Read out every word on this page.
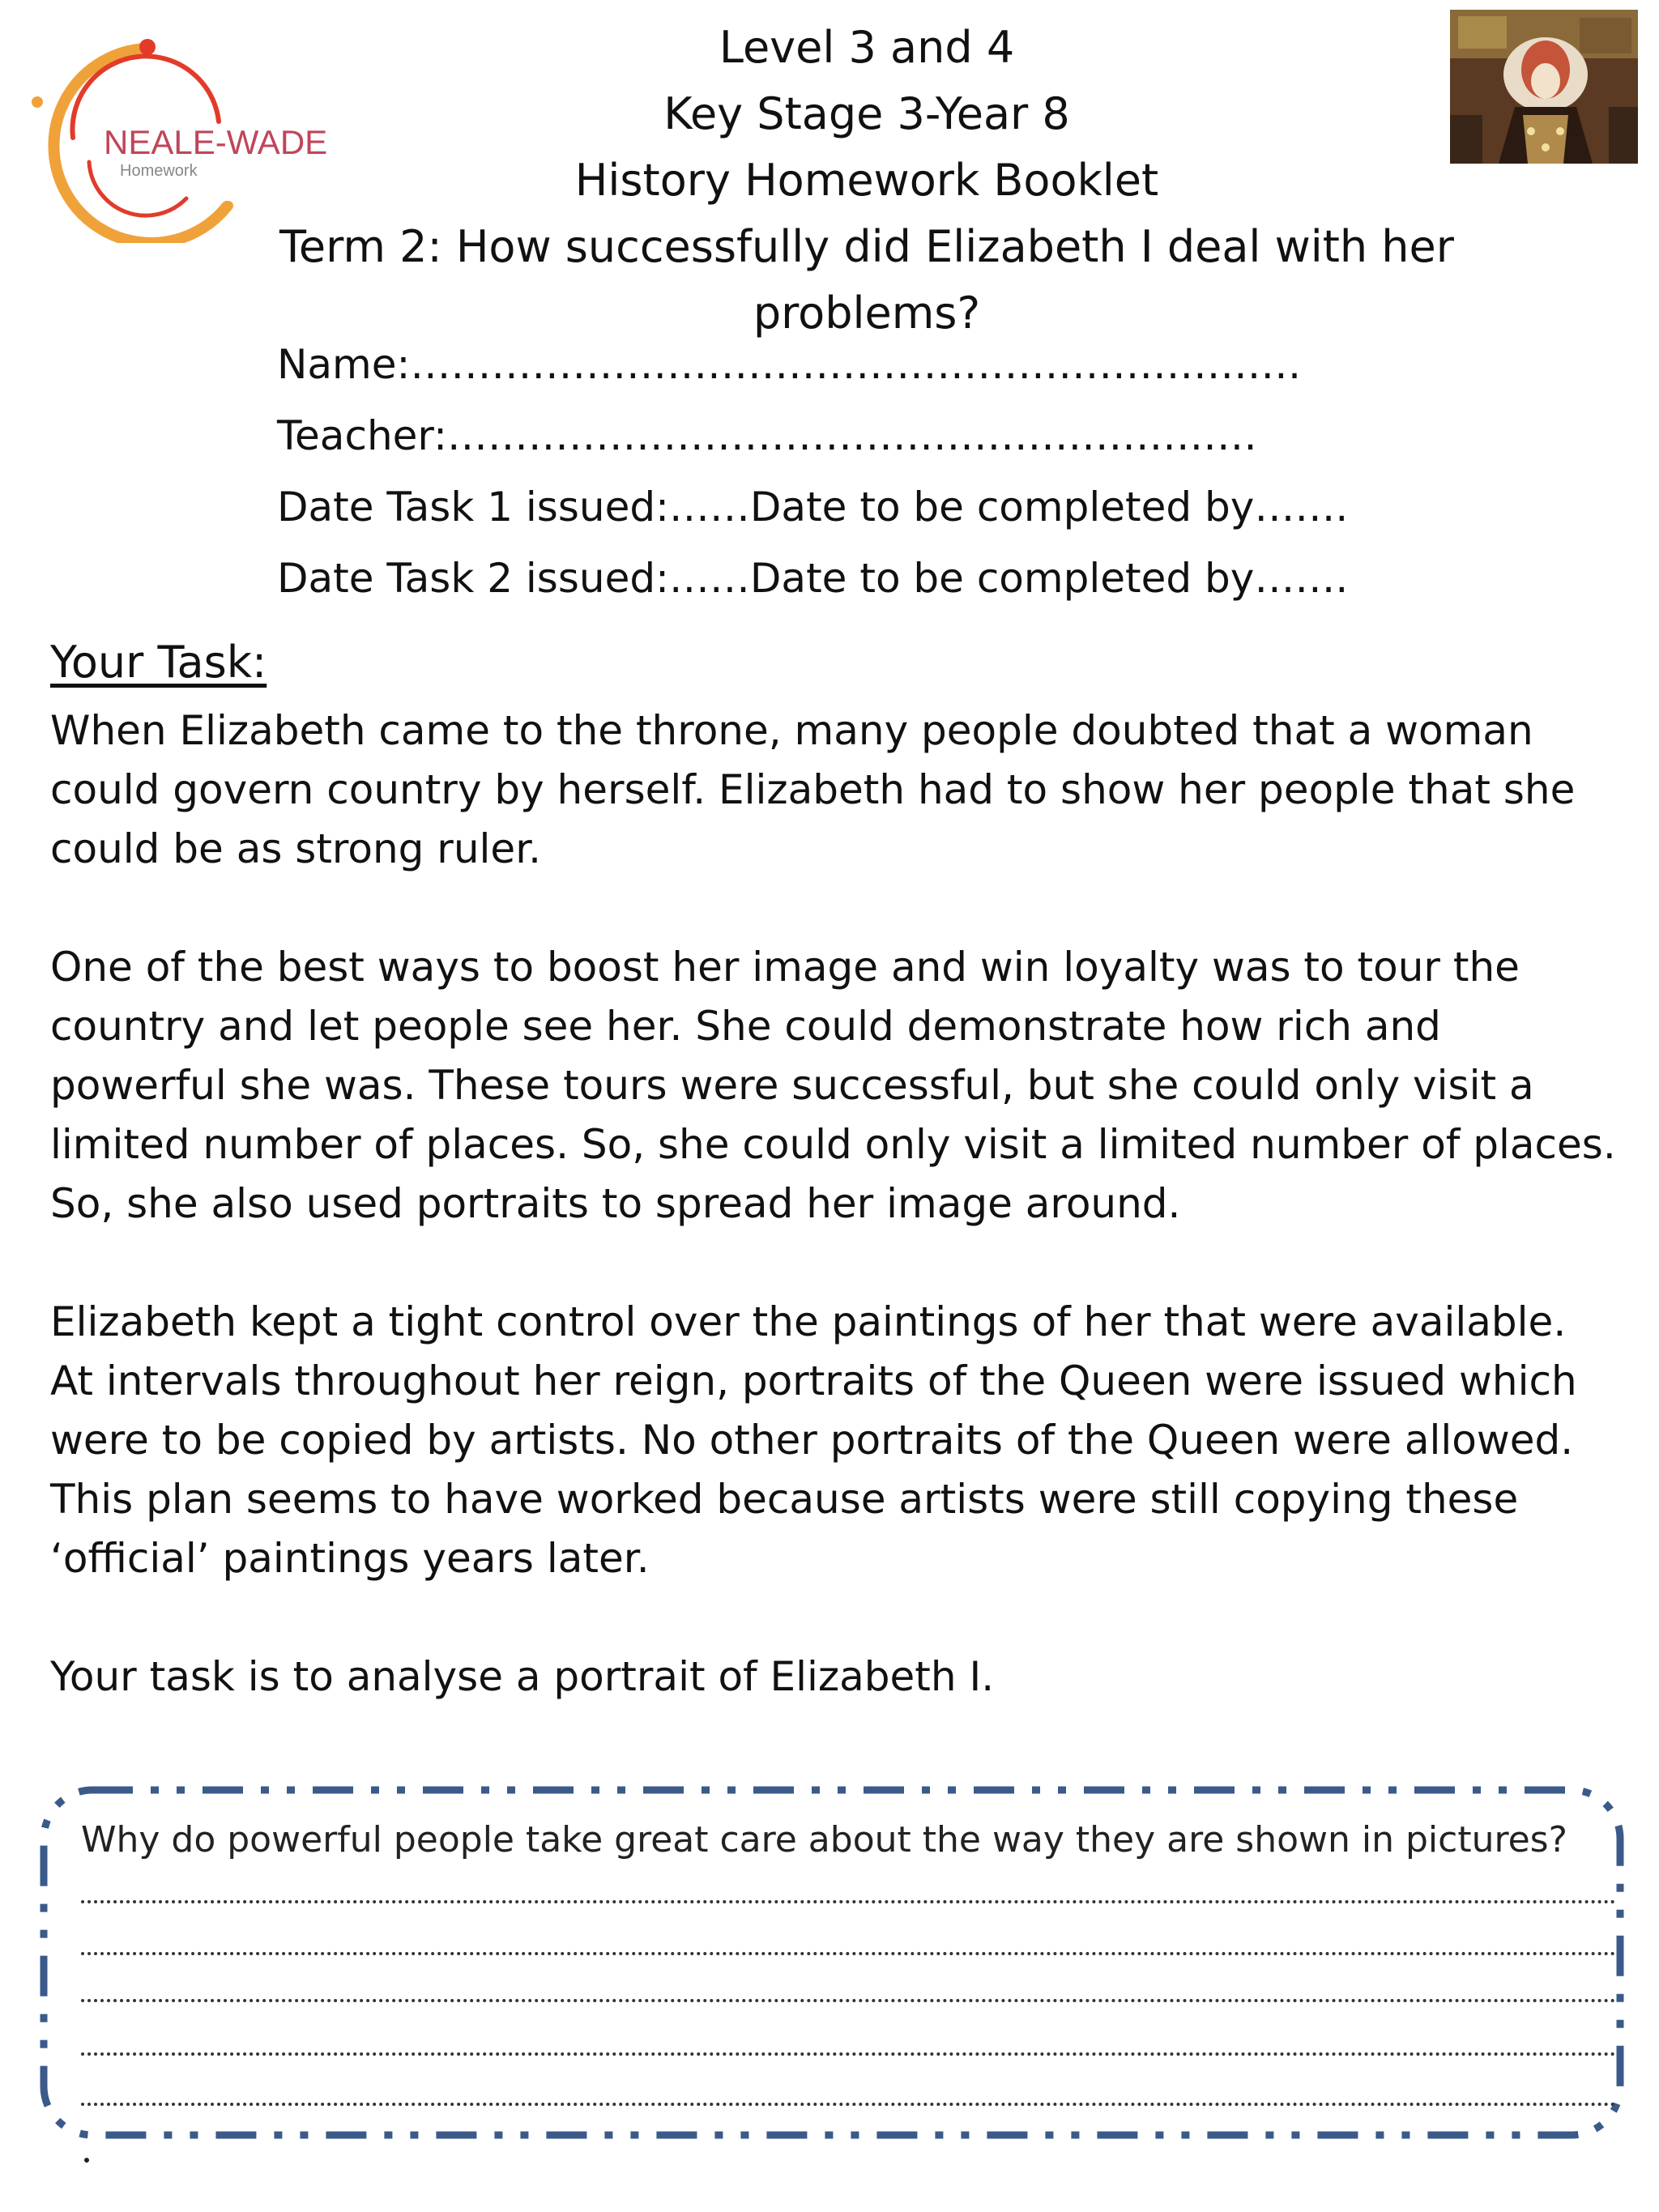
NEALE-WADE
Homework
Level 3 and 4
Key Stage 3-Year 8
History Homework Booklet
Term 2: How successfully did Elizabeth I deal with her problems?
Name:…………………………………………………………
Teacher:……………………………………………………
Date Task 1 issued:……Date to be completed by…….
Date Task 2 issued:……Date to be completed by…….
Your Task:

When Elizabeth came to the throne, many people doubted that a woman could govern country by herself. Elizabeth had to show her people that she could be as strong ruler.

One of the best ways to boost her image and win loyalty was to tour the country and let people see her. She could demonstrate how rich and powerful she was. These tours were successful, but she could only visit a limited number of places. So, she could only visit a limited number of places. So, she also used portraits to spread her image around.

Elizabeth kept a tight control over the paintings of her that were available. At intervals throughout her reign, portraits of the Queen were issued which were to be copied by artists. No other portraits of the Queen were allowed. This plan seems to have worked because artists were still copying these ‘official’ paintings years later.

Your task is to analyse a portrait of Elizabeth I.

Why do powerful people take great care about the way they are shown in pictures?
